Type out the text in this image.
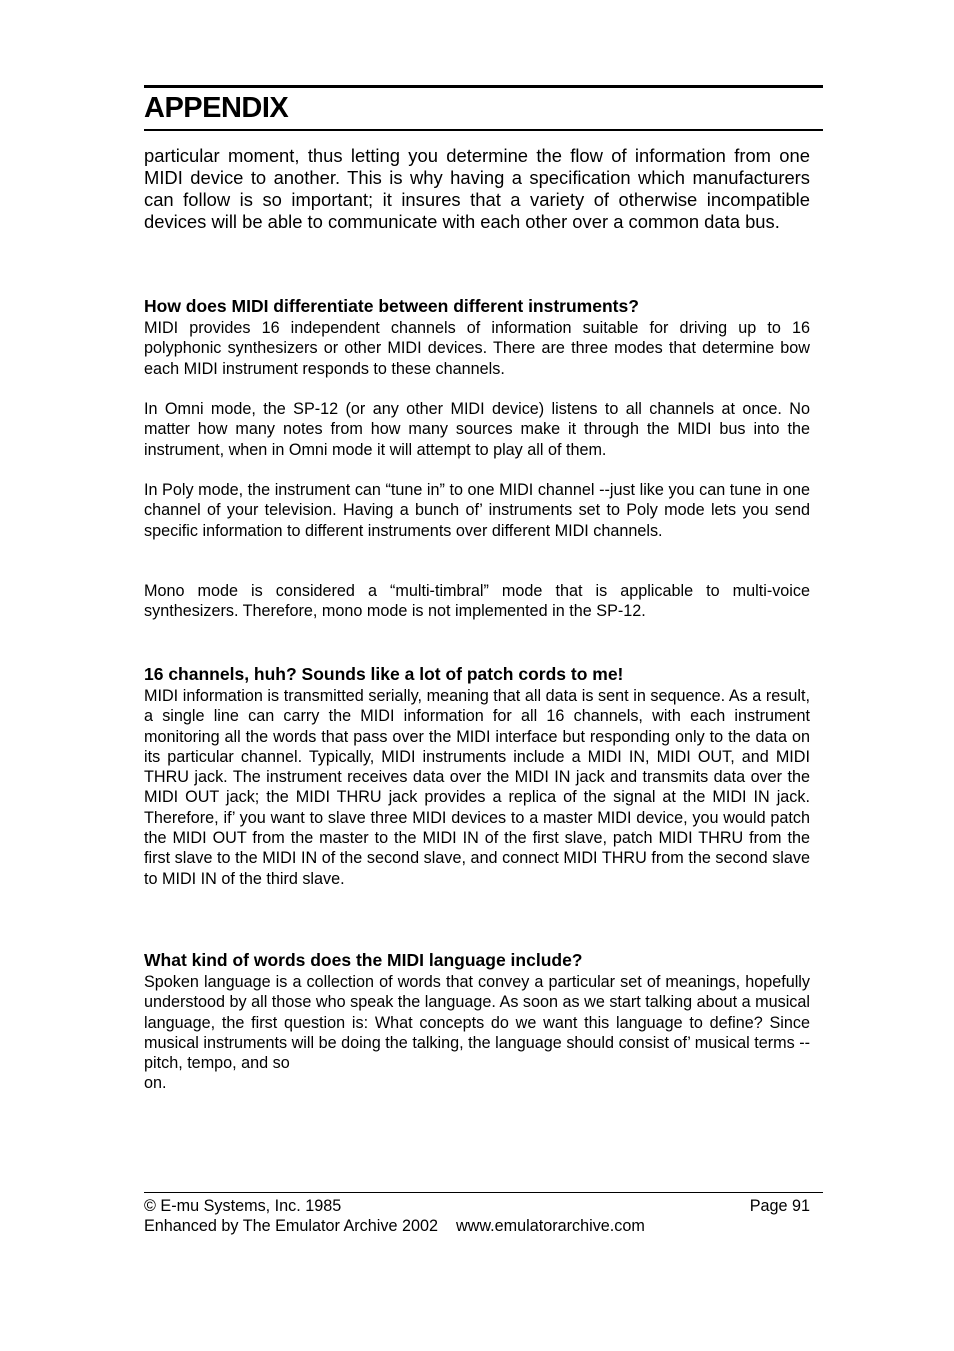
APPENDIX

particular moment, thus letting you determine the flow of information from one MIDI device to another. This is why having a specification which manufacturers can follow is so important; it insures that a variety of otherwise incompatible devices will be able to communicate with each other over a common data bus.

How does MIDI differentiate between different instruments?

MIDI provides 16 independent channels of information suitable for driving up to 16 polyphonic synthesizers or other MIDI devices. There are three modes that determine bow each MIDI instrument responds to these channels.

In Omni mode, the SP-12 (or any other MIDI device) listens to all channels at once. No matter how many notes from how many sources make it through the MIDI bus into the instrument, when in Omni mode it will attempt to play all of them.

In Poly mode, the instrument can “tune in” to one MIDI channel --just like you can tune in one channel of your television. Having a bunch of’ instruments set to Poly mode lets you send specific information to different instruments over different MIDI channels.

Mono mode is considered a “multi-timbral” mode that is applicable to multi-voice synthesizers. Therefore, mono mode is not implemented in the SP-12.

16 channels, huh? Sounds like a lot of patch cords to me!

MIDI information is transmitted serially, meaning that all data is sent in sequence. As a result, a single line can carry the MIDI information for all 16 channels, with each instrument monitoring all the words that pass over the MIDI interface but responding only to the data on its particular channel. Typically, MIDI instruments include a MIDI IN, MIDI OUT, and MIDI THRU jack. The instrument receives data over the MIDI IN jack and transmits data over the MIDI OUT jack; the MIDI THRU jack provides a replica of the signal at the MIDI IN jack. Therefore, if’ you want to slave three MIDI devices to a master MIDI device, you would patch the MIDI OUT from the master to the MIDI IN of the first slave, patch MIDI THRU from the first slave to the MIDI IN of the second slave, and connect MIDI THRU from the second slave to MIDI IN of the third slave.

What kind of words does the MIDI language include?

Spoken language is a collection of words that convey a particular set of meanings, hopefully understood by all those who speak the language. As soon as we start talking about a musical language, the first question is: What concepts do we want this language to define? Since musical instruments will be doing the talking, the language should consist of’ musical terms -- pitch, tempo, and so

on.

© E-mu Systems, Inc. 1985	Page 91
Enhanced by The Emulator Archive 2002    www.emulatorarchive.com
